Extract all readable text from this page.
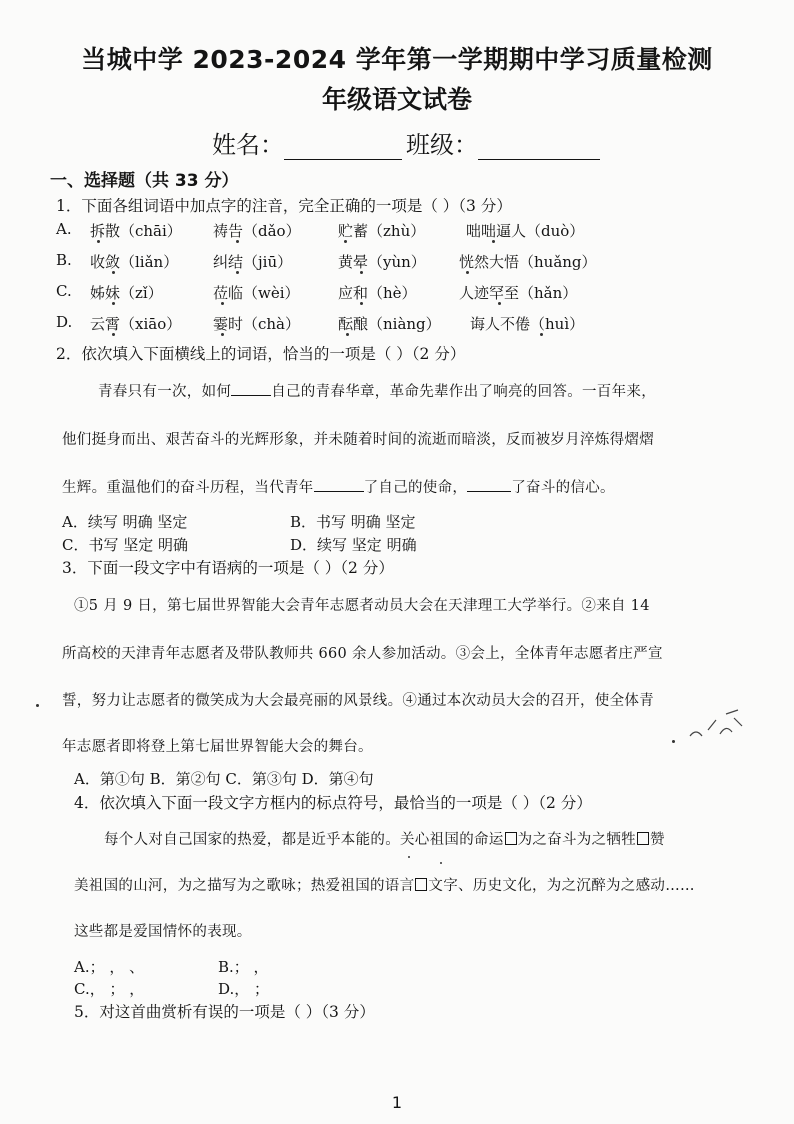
当城中学 2023-2024 学年第一学期期中学习质量检测
年级语文试卷
姓名：	班级：
一、选择题（共 33 分）
1．下面各组词语中加点字的注音，完全正确的一项是（ ）（3 分）
A. 拆散（chāi） 祷告（dǎo） 贮蓄（zhù）	咄咄逼人（duò）
B. 收敛（liǎn） 纠结（jiū）	黄晕（yùn） 恍然大悟（huǎng）
C. 姊妹（zǐ）	莅临（wèi）	应和（hè）	人迹罕至（hǎn）
D. 云霄（xiāo） 霎时（chà）	酝酿（niàng） 诲人不倦（huì）
2．依次填入下面横线上的词语，恰当的一项是（ ）（2 分）
青春只有一次，如何	自己的青春华章，革命先辈作出了响亮的回答。一百年来，
他们挺身而出、艰苦奋斗的光辉形象，并未随着时间的流逝而暗淡，反而被岁月淬炼得熠熠
生辉。重温他们的奋斗历程，当代青年	了自己的使命，	了奋斗的信心。
A．续写 明确 坚定	B．书写 明确 坚定
C．书写 坚定 明确	D．续写 坚定 明确
3．下面一段文字中有语病的一项是（ ）（2 分）
①5 月 9 日，第七届世界智能大会青年志愿者动员大会在天津理工大学举行。②来自 14
所高校的天津青年志愿者及带队教师共 660 余人参加活动。③会上，全体青年志愿者庄严宣
誓，努力让志愿者的微笑成为大会最亮丽的风景线。④通过本次动员大会的召开，使全体青
年志愿者即将登上第七届世界智能大会的舞台。
A．第①句 B．第②句 C．第③句 D．第④句
4．依次填入下面一段文字方框内的标点符号，最恰当的一项是（ ）（2 分）
每个人对自己国家的热爱，都是近乎本能的。关心祖国的命运 为之奋斗为之牺牲 赞
美祖国的山河，为之描写为之歌咏；热爱祖国的语言 文字、历史文化，为之沉醉为之感动……
这些都是爱国情怀的表现。
A.； ， 、	B.； ，
C.， ； ，	D.， ；
5．对这首曲赏析有误的一项是（ ）（3 分）
1
